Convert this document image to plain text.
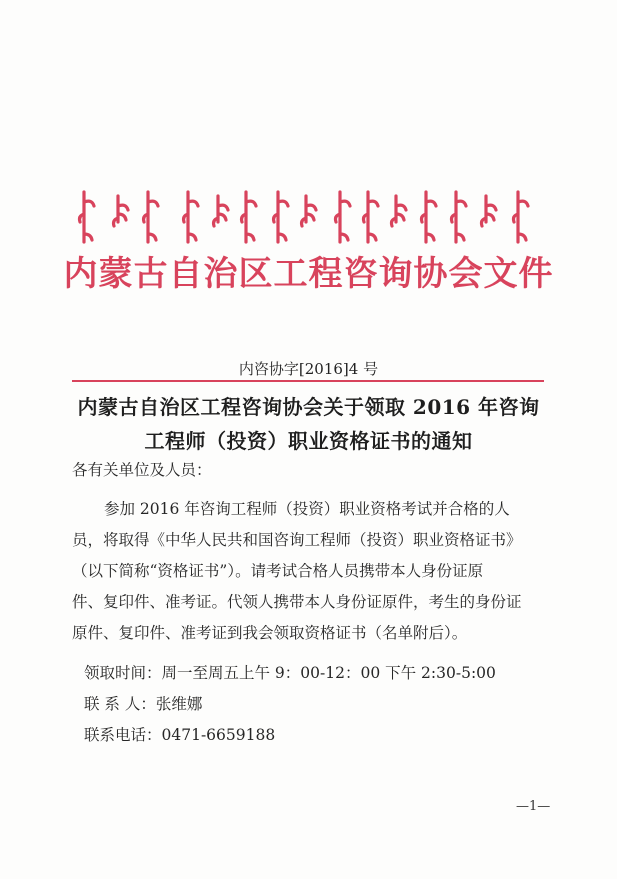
内蒙古自治区工程咨询协会文件
内咨协字[2016]4 号
内蒙古自治区工程咨询协会关于领取 2016 年咨询
工程师（投资）职业资格证书的通知
各有关单位及人员：
参加 2016 年咨询工程师（投资）职业资格考试并合格的人
员，将取得《中华人民共和国咨询工程师（投资）职业资格证书》
（以下简称“资格证书”）。请考试合格人员携带本人身份证原
件、复印件、准考证。代领人携带本人身份证原件，考生的身份证
原件、复印件、准考证到我会领取资格证书（名单附后）。
领取时间：周一至周五上午 9：00-12：00 下午 2:30-5:00
联 系 人：张维娜
联系电话：0471-6659188
—1—
